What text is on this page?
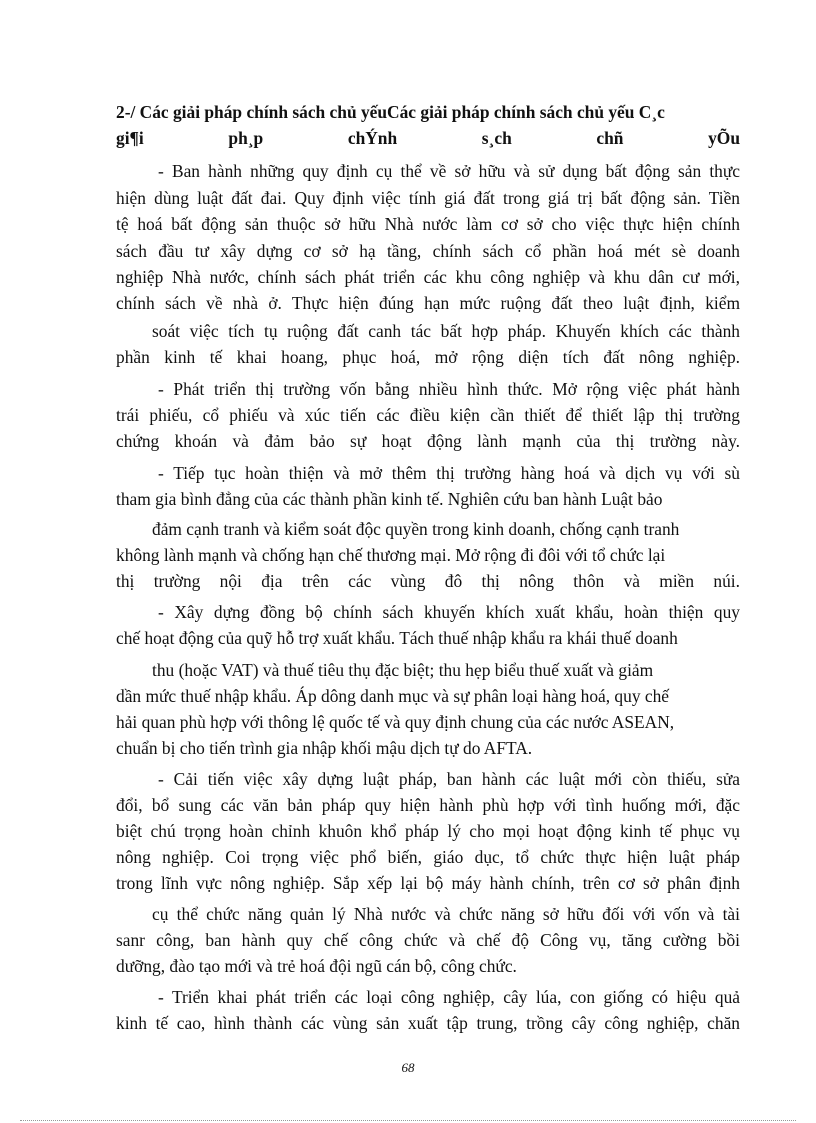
2-/ Các giải pháp chính sách chủ yếuCác giải pháp chính sách chủ yếu C¸c
gi¶i ph¸p chÝnh s¸ch chñ yÕu
- Ban hành những quy định cụ thể về sở hữu và sử dụng bất động sản thực
hiện dùng luật đất đai. Quy định việc tính giá đất trong giá trị bất động sản. Tiền
tệ hoá bất động sản thuộc sở hữu Nhà nước làm cơ sở cho việc thực hiện chính
sách đầu tư xây dựng cơ sở hạ tầng, chính sách cổ phần hoá mét sè doanh
nghiệp Nhà nước, chính sách phát triển các khu công nghiệp và khu dân cư mới,
chính sách về nhà ở. Thực hiện đúng hạn mức ruộng đất theo luật định, kiểm
soát việc tích tụ ruộng đất canh tác bất hợp pháp. Khuyến khích các thành
phần kinh tế khai hoang, phục hoá, mở rộng diện tích đất nông nghiệp.
- Phát triển thị trường vốn bằng nhiều hình thức. Mở rộng việc phát hành
trái phiếu, cổ phiếu và xúc tiến các điều kiện cần thiết để thiết lập thị trường
chứng khoán và đảm bảo sự hoạt động lành mạnh của thị trường này.
- Tiếp tục hoàn thiện và mở thêm thị trường hàng hoá và dịch vụ với sù
tham gia bình đẳng của các thành phần kinh tế. Nghiên cứu ban hành Luật bảo
đảm cạnh tranh và kiểm soát độc quyền trong kinh doanh, chống cạnh tranh
không lành mạnh và chống hạn chế thương mại. Mở rộng đi đôi với tổ chức lại
thị trường nội địa trên các vùng đô thị nông thôn và miền núi.
- Xây dựng đồng bộ chính sách khuyến khích xuất khẩu, hoàn thiện quy
chế hoạt động của quỹ hỗ trợ xuất khẩu. Tách thuế nhập khẩu ra khái thuế doanh
thu (hoặc VAT) và thuế tiêu thụ đặc biệt; thu hẹp biểu thuế xuất và giảm
dần mức thuế nhập khẩu. Áp dông danh mục và sự phân loại hàng hoá, quy chế
hải quan phù hợp với thông lệ quốc tế và quy định chung của các nước ASEAN,
chuẩn bị cho tiến trình gia nhập khối mậu dịch tự do AFTA.
- Cải tiến việc xây dựng luật pháp, ban hành các luật mới còn thiếu, sửa
đổi, bổ sung các văn bản pháp quy hiện hành phù hợp với tình huống mới, đặc
biệt chú trọng hoàn chỉnh khuôn khổ pháp lý cho mọi hoạt động kinh tế phục vụ
nông nghiệp. Coi trọng việc phổ biến, giáo dục, tổ chức thực hiện luật pháp
trong lĩnh vực nông nghiệp. Sắp xếp lại bộ máy hành chính, trên cơ sở phân định
cụ thể chức năng quản lý Nhà nước và chức năng sở hữu đối với vốn và tài
sanr công, ban hành quy chế công chức và chế độ Công vụ, tăng cường bồi
dưỡng, đào tạo mới và trẻ hoá đội ngũ cán bộ, công chức.
- Triển khai phát triển các loại công nghiệp, cây lúa, con giống có hiệu quả
kinh tế cao, hình thành các vùng sản xuất tập trung, trồng cây công nghiệp, chăn
68
